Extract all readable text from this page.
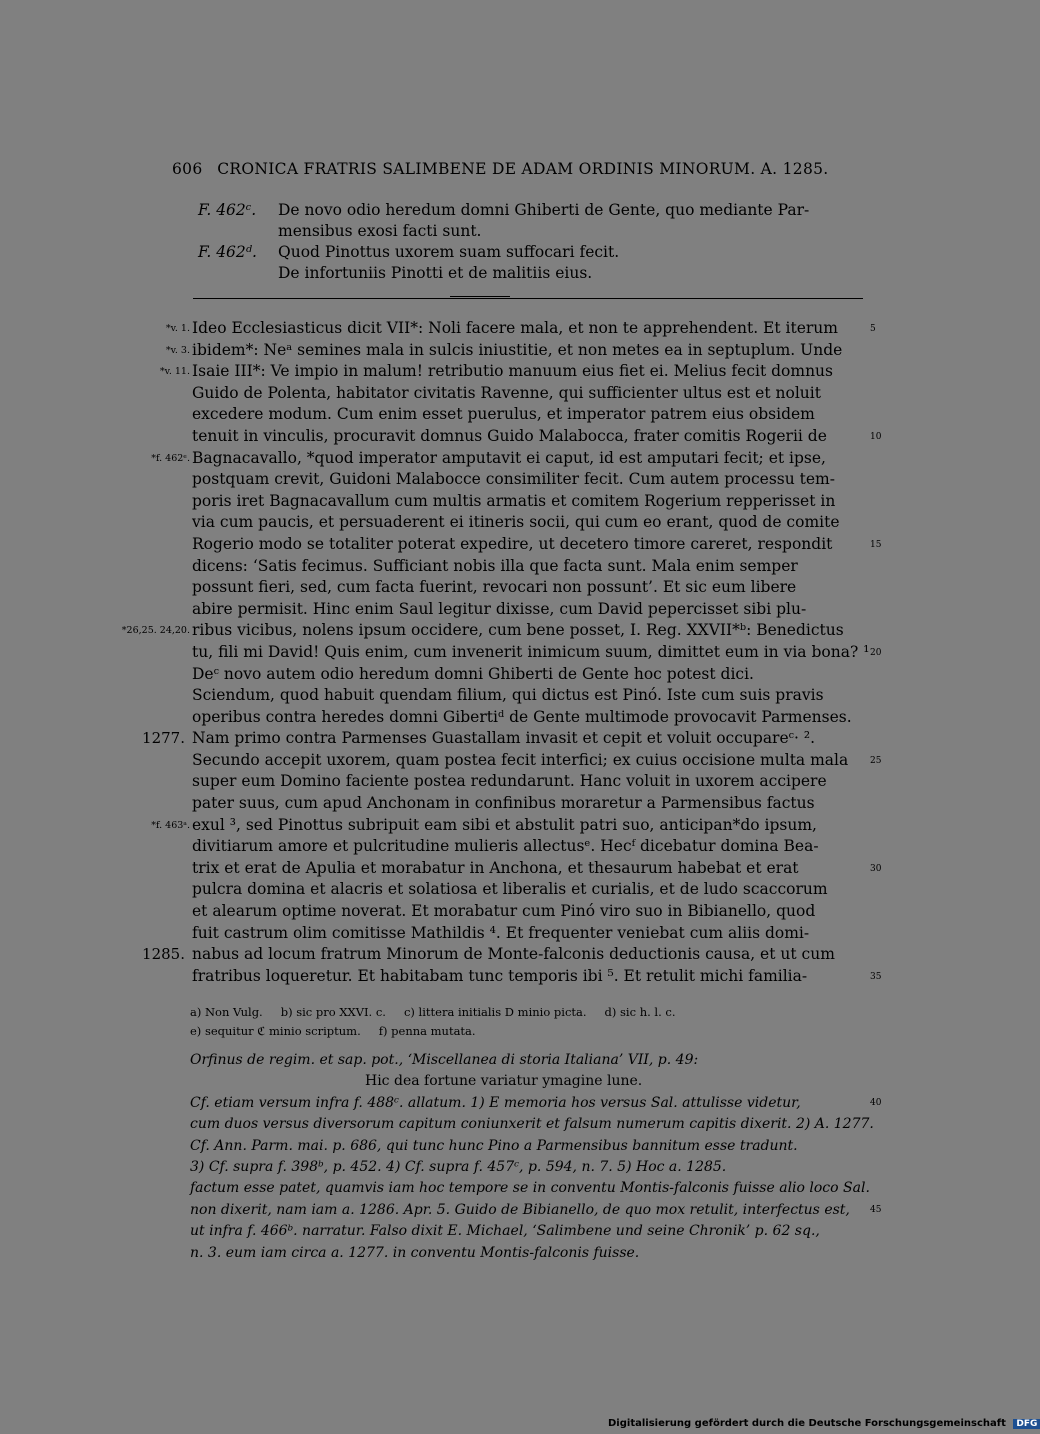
606 CRONICA FRATRIS SALIMBENE DE ADAM ORDINIS MINORUM. A. 1285.
F. 462ᶜ. De novo odio heredum domni Ghiberti de Gente, quo mediante Par-
mensibus exosi facti sunt.
F. 462ᵈ. Quod Pinottus uxorem suam suffocari fecit.
De infortuniis Pinotti et de malitiis eius.
Ideo Ecclesiasticus dicit VII*: Noli facere mala, et non te apprehendent. Et iterum
ibidem*: Neᵃ semines mala in sulcis iniustitie, et non metes ea in septuplum. Unde
Isaie III*: Ve impio in malum! retributio manuum eius fiet ei. Melius fecit domnus
Guido de Polenta, habitator civitatis Ravenne, qui sufficienter ultus est et noluit
excedere modum. Cum enim esset puerulus, et imperator patrem eius obsidem
tenuit in vinculis, procuravit domnus Guido Malabocca, frater comitis Rogerii de
Bagnacavallo, *quod imperator amputavit ei caput, id est amputari fecit; et ipse,
postquam crevit, Guidoni Malabocce consimiliter fecit. Cum autem processu tem-
poris iret Bagnacavallum cum multis armatis et comitem Rogerium repperisset in
via cum paucis, et persuaderent ei itineris socii, qui cum eo erant, quod de comite
Rogerio modo se totaliter poterat expedire, ut decetero timore careret, respondit
dicens: ‘Satis fecimus. Sufficiant nobis illa que facta sunt. Mala enim semper
possunt fieri, sed, cum facta fuerint, revocari non possunt’. Et sic eum libere
abire permisit. Hinc enim Saul legitur dixisse, cum David pepercisset sibi plu-
ribus vicibus, nolens ipsum occidere, cum bene posset, I. Reg. XXVII*ᵇ: Benedictus
tu, fili mi David! Quis enim, cum invenerit inimicum suum, dimittet eum in via bona? ¹
Deᶜ novo autem odio heredum domni Ghiberti de Gente hoc potest dici.
Sciendum, quod habuit quendam filium, qui dictus est Pinó. Iste cum suis pravis
operibus contra heredes domni Gibertiᵈ de Gente multimode provocavit Parmenses.
Nam primo contra Parmenses Guastallam invasit et cepit et voluit occupareᶜ· ².
Secundo accepit uxorem, quam postea fecit interfici; ex cuius occisione multa mala
super eum Domino faciente postea redundarunt. Hanc voluit in uxorem accipere
pater suus, cum apud Anchonam in confinibus moraretur a Parmensibus factus
exul ³, sed Pinottus subripuit eam sibi et abstulit patri suo, anticipan*do ipsum,
divitiarum amore et pulcritudine mulieris allectusᵉ. Hecᶠ dicebatur domina Bea-
trix et erat de Apulia et morabatur in Anchona, et thesaurum habebat et erat
pulcra domina et alacris et solatiosa et liberalis et curialis, et de ludo scaccorum
et alearum optime noverat. Et morabatur cum Pinó viro suo in Bibianello, quod
fuit castrum olim comitisse Mathildis ⁴. Et frequenter veniebat cum aliis domi-
nabus ad locum fratrum Minorum de Monte-falconis deductionis causa, et ut cum
fratribus loqueretur. Et habitabam tunc temporis ibi ⁵. Et retulit michi familia-
*v. 1.
*v. 3.
*v. 11.
*f. 462ᵉ.
*26,25. 24,20.
*f. 463ᵃ.
1277.
1285.
5
10
15
20
25
30
35
40
45
a) Non Vulg. b) sic pro XXVI. c. c) littera initialis D minio picta. d) sic h. l. c.
e) sequitur ℭ minio scriptum. f) penna mutata.
Orfinus de regim. et sap. pot., ‘Miscellanea di storia Italiana’ VII, p. 49:
Hic dea fortune variatur ymagine lune.
Cf. etiam versum infra f. 488ᶜ. allatum. 1) E memoria hos versus Sal. attulisse videtur,
cum duos versus diversorum capitum coniunxerit et falsum numerum capitis dixerit. 2) A. 1277.
Cf. Ann. Parm. mai. p. 686, qui tunc hunc Pino a Parmensibus bannitum esse tradunt.
3) Cf. supra f. 398ᵇ, p. 452. 4) Cf. supra f. 457ᶜ, p. 594, n. 7. 5) Hoc a. 1285.
factum esse patet, quamvis iam hoc tempore se in conventu Montis-falconis fuisse alio loco Sal.
non dixerit, nam iam a. 1286. Apr. 5. Guido de Bibianello, de quo mox retulit, interfectus est,
ut infra f. 466ᵇ. narratur. Falso dixit E. Michael, ‘Salimbene und seine Chronik’ p. 62 sq.,
n. 3. eum iam circa a. 1277. in conventu Montis-falconis fuisse.
Digitalisierung gefördert durch die Deutsche Forschungsgemeinschaft DFG
